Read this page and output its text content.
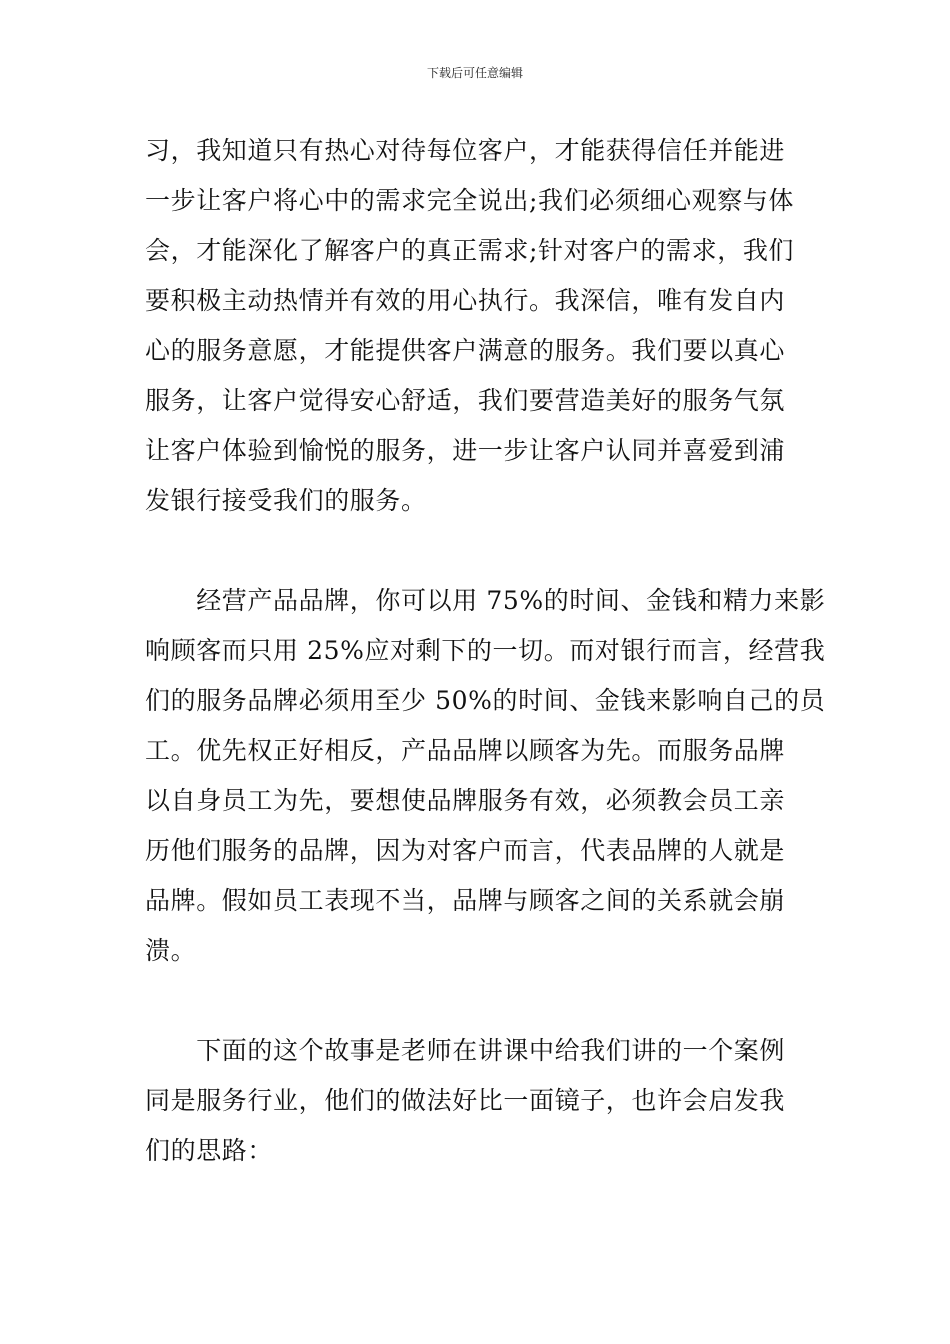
下载后可任意编辑
习，我知道只有热心对待每位客户，才能获得信任并能进
一步让客户将心中的需求完全说出;我们必须细心观察与体
会，才能深化了解客户的真正需求;针对客户的需求，我们
要积极主动热情并有效的用心执行。我深信，唯有发自内
心的服务意愿，才能提供客户满意的服务。我们要以真心
服务，让客户觉得安心舒适，我们要营造美好的服务气氛
让客户体验到愉悦的服务，进一步让客户认同并喜爱到浦
发银行接受我们的服务。
　　经营产品品牌，你可以用 75%的时间、金钱和精力来影
响顾客而只用 25%应对剩下的一切。而对银行而言，经营我
们的服务品牌必须用至少 50%的时间、金钱来影响自己的员
工。优先权正好相反，产品品牌以顾客为先。而服务品牌
以自身员工为先，要想使品牌服务有效，必须教会员工亲
历他们服务的品牌，因为对客户而言，代表品牌的人就是
品牌。假如员工表现不当，品牌与顾客之间的关系就会崩
溃。
　　下面的这个故事是老师在讲课中给我们讲的一个案例
同是服务行业，他们的做法好比一面镜子，也许会启发我
们的思路：
